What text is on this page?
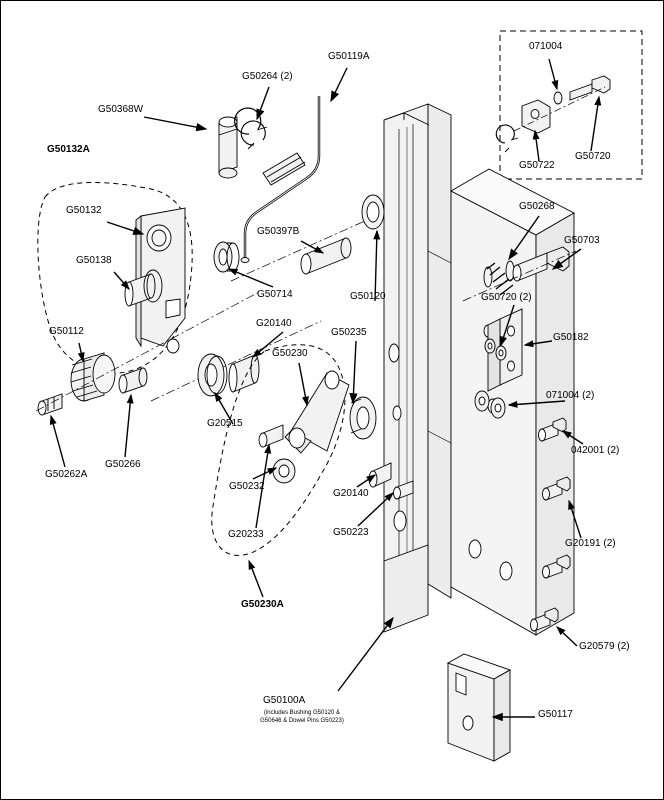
G50368W
G50264 (2)
G50119A
071004
G50722
G50720
G50132A
G50132
G50138
G50397B
G50714	G50120
G50268
G50703
G50720 (2)
G50182
G50112
G20140
G50235
G50230
G20515
G50262A
G50266
G50232
G20140
G20233	G50223
G50230A
071004 (2)
042001 (2)
G20191 (2)
G20579 (2)
G50117
G50100A
(includes Bushing G50120 &
G50646 & Dowel Pins G50223)
